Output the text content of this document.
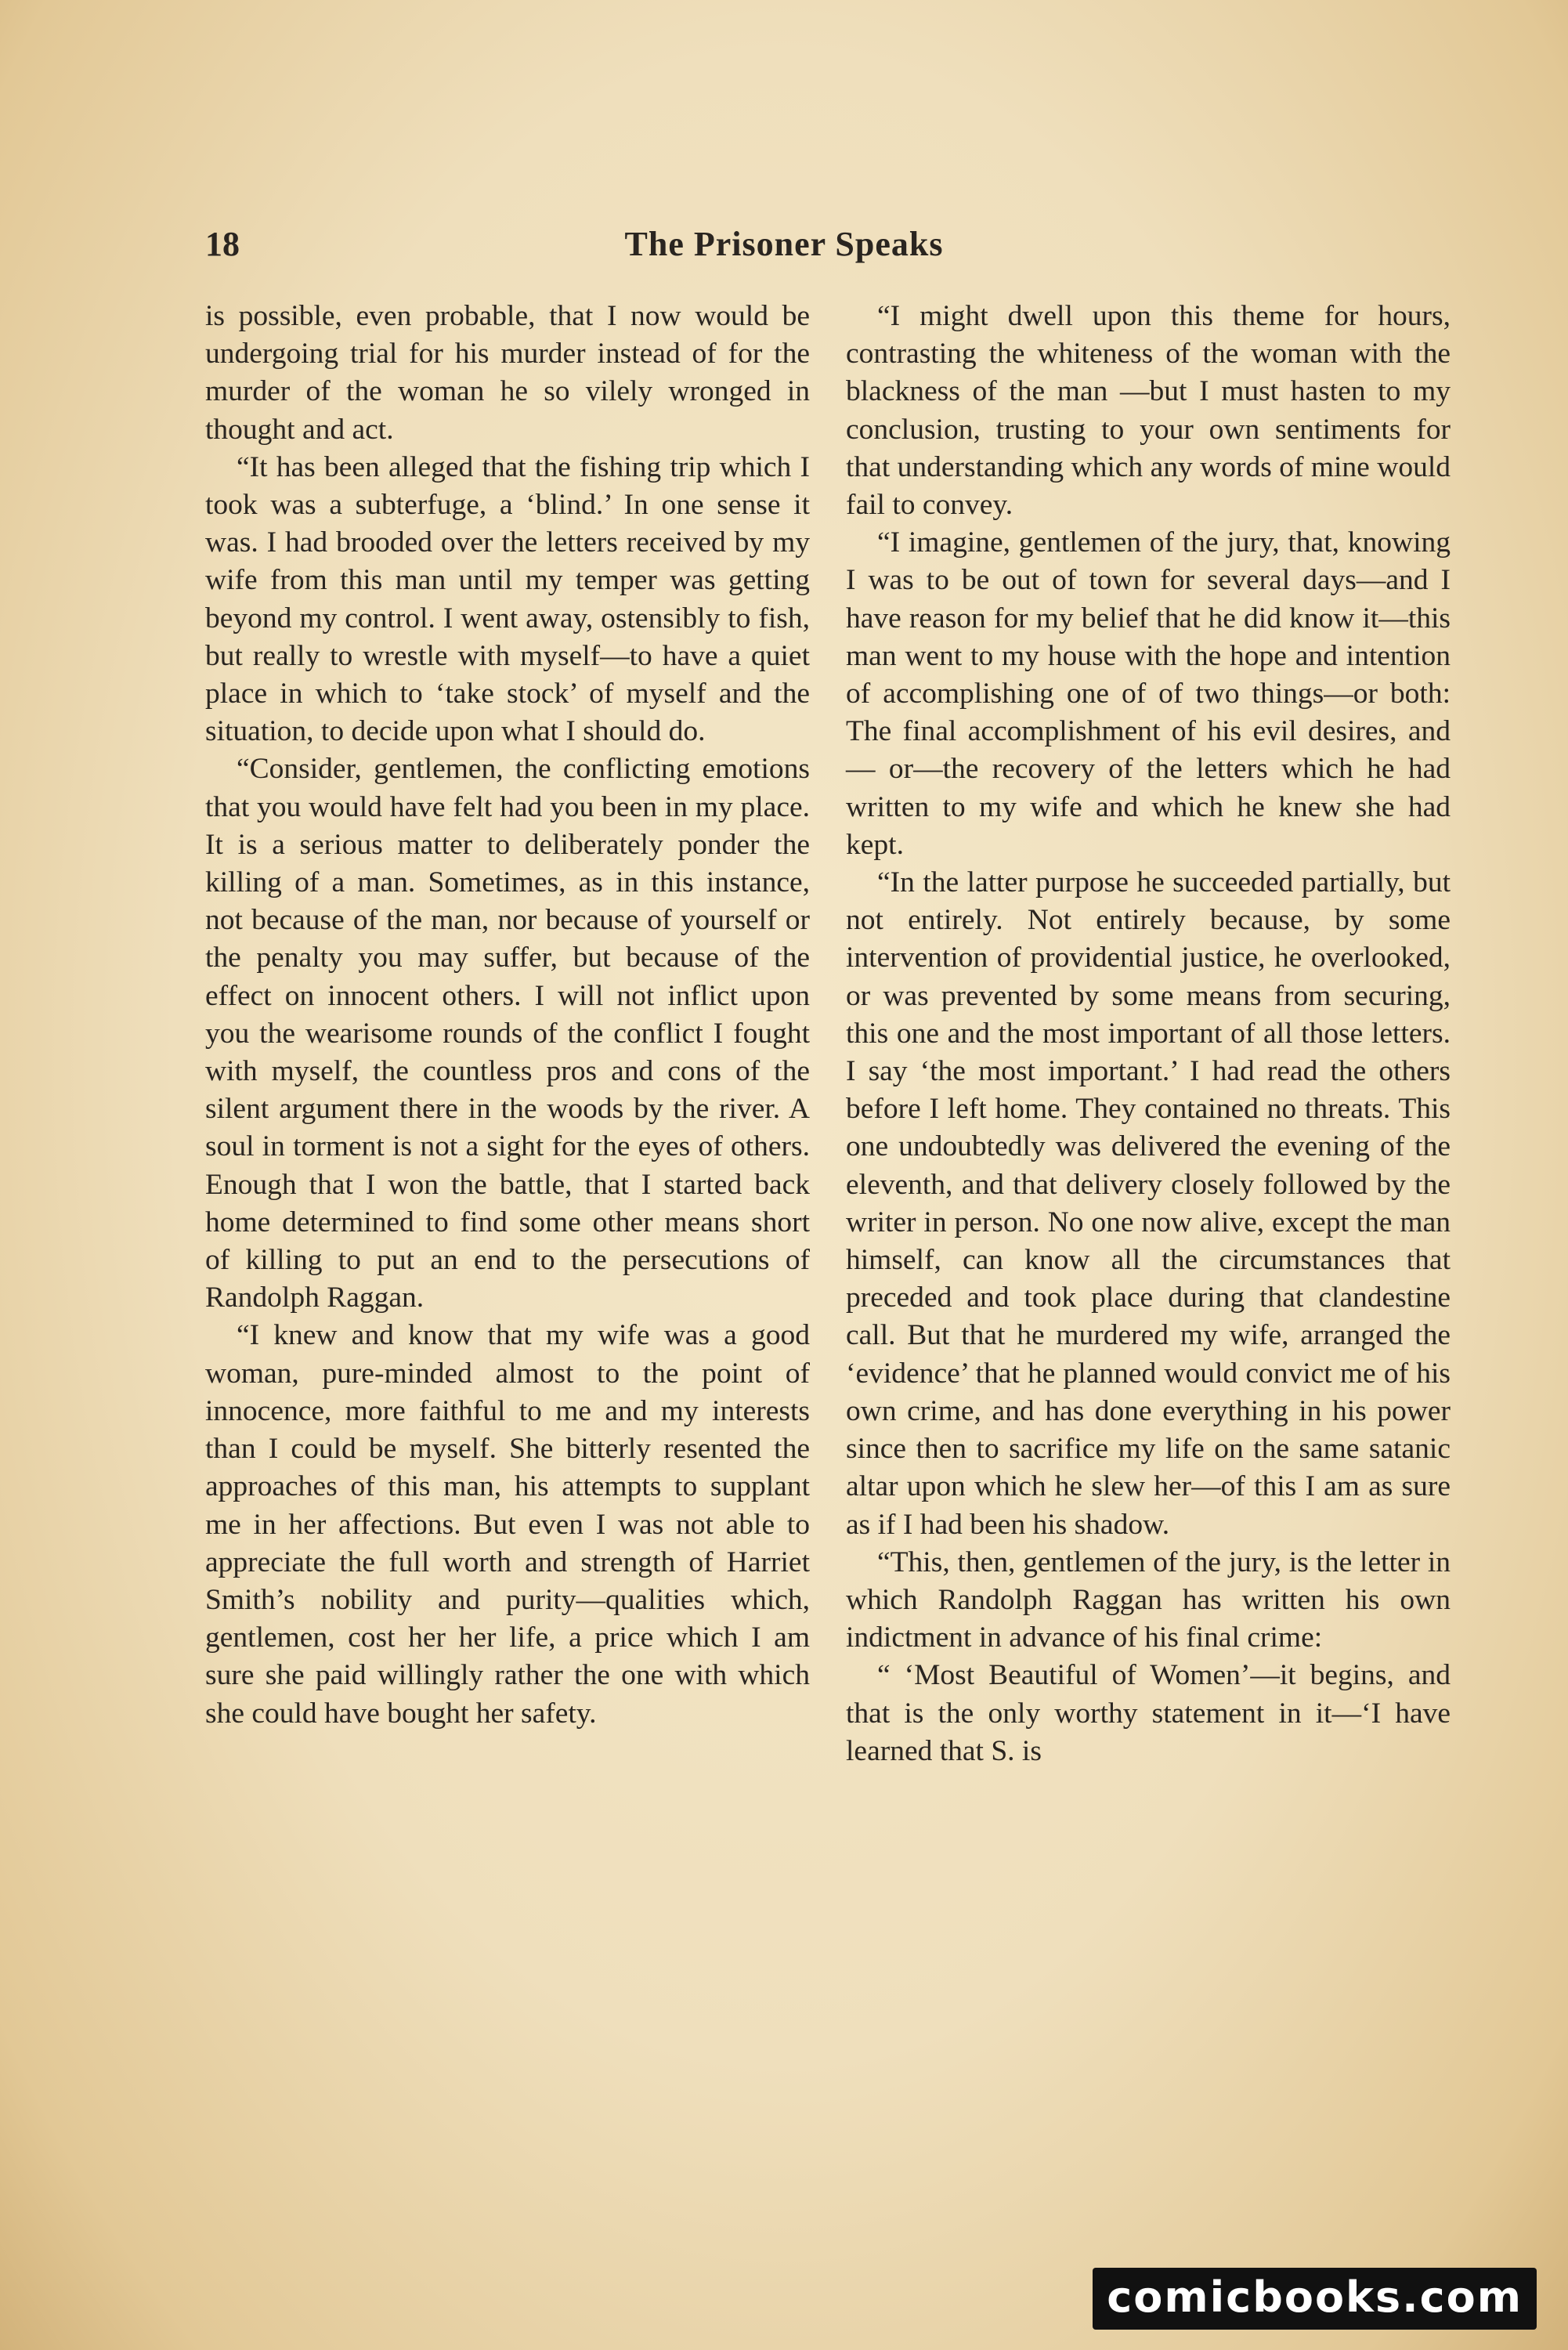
18	The Prisoner Speaks

is possible, even probable, that I now would be undergoing trial for his murder instead of for the murder of the woman he so vilely wronged in thought and act.

“It has been alleged that the fishing trip which I took was a subterfuge, a ‘blind.’ In one sense it was. I had brooded over the letters received by my wife from this man until my temper was getting beyond my control. I went away, ostensibly to fish, but really to wrestle with myself—to have a quiet place in which to ‘take stock’ of myself and the situation, to decide upon what I should do.

“Consider, gentlemen, the conflicting emotions that you would have felt had you been in my place. It is a serious matter to deliberately ponder the killing of a man. Sometimes, as in this instance, not because of the man, nor because of yourself or the penalty you may suffer, but because of the effect on innocent others. I will not inflict upon you the wearisome rounds of the conflict I fought with myself, the countless pros and cons of the silent argument there in the woods by the river. A soul in torment is not a sight for the eyes of others. Enough that I won the battle, that I started back home determined to find some other means short of killing to put an end to the persecutions of Randolph Raggan.

“I knew and know that my wife was a good woman, pure-minded almost to the point of innocence, more faithful to me and my interests than I could be myself. She bitterly resented the approaches of this man, his attempts to supplant me in her affections. But even I was not able to appreciate the full worth and strength of Harriet Smith’s nobility and purity—qualities which, gentlemen, cost her her life, a price which I am sure she paid willingly rather the one with which she could have bought her safety.

“I might dwell upon this theme for hours, contrasting the whiteness of the woman with the blackness of the man —but I must hasten to my conclusion, trusting to your own sentiments for that understanding which any words of mine would fail to convey.

“I imagine, gentlemen of the jury, that, knowing I was to be out of town for several days—and I have reason for my belief that he did know it—this man went to my house with the hope and intention of accomplishing one of of two things—or both: The final accomplishment of his evil desires, and— or—the recovery of the letters which he had written to my wife and which he knew she had kept.

“In the latter purpose he succeeded partially, but not entirely. Not entirely because, by some intervention of providential justice, he overlooked, or was prevented by some means from securing, this one and the most important of all those letters. I say ‘the most important.’ I had read the others before I left home. They contained no threats. This one undoubtedly was delivered the evening of the eleventh, and that delivery closely followed by the writer in person. No one now alive, except the man himself, can know all the circumstances that preceded and took place during that clandestine call. But that he murdered my wife, arranged the ‘evidence’ that he planned would convict me of his own crime, and has done everything in his power since then to sacrifice my life on the same satanic altar upon which he slew her—of this I am as sure as if I had been his shadow.

“This, then, gentlemen of the jury, is the letter in which Randolph Raggan has written his own indictment in advance of his final crime:

“ ‘Most Beautiful of Women’—it begins, and that is the only worthy statement in it—‘I have learned that S. is

comicbooks.com
